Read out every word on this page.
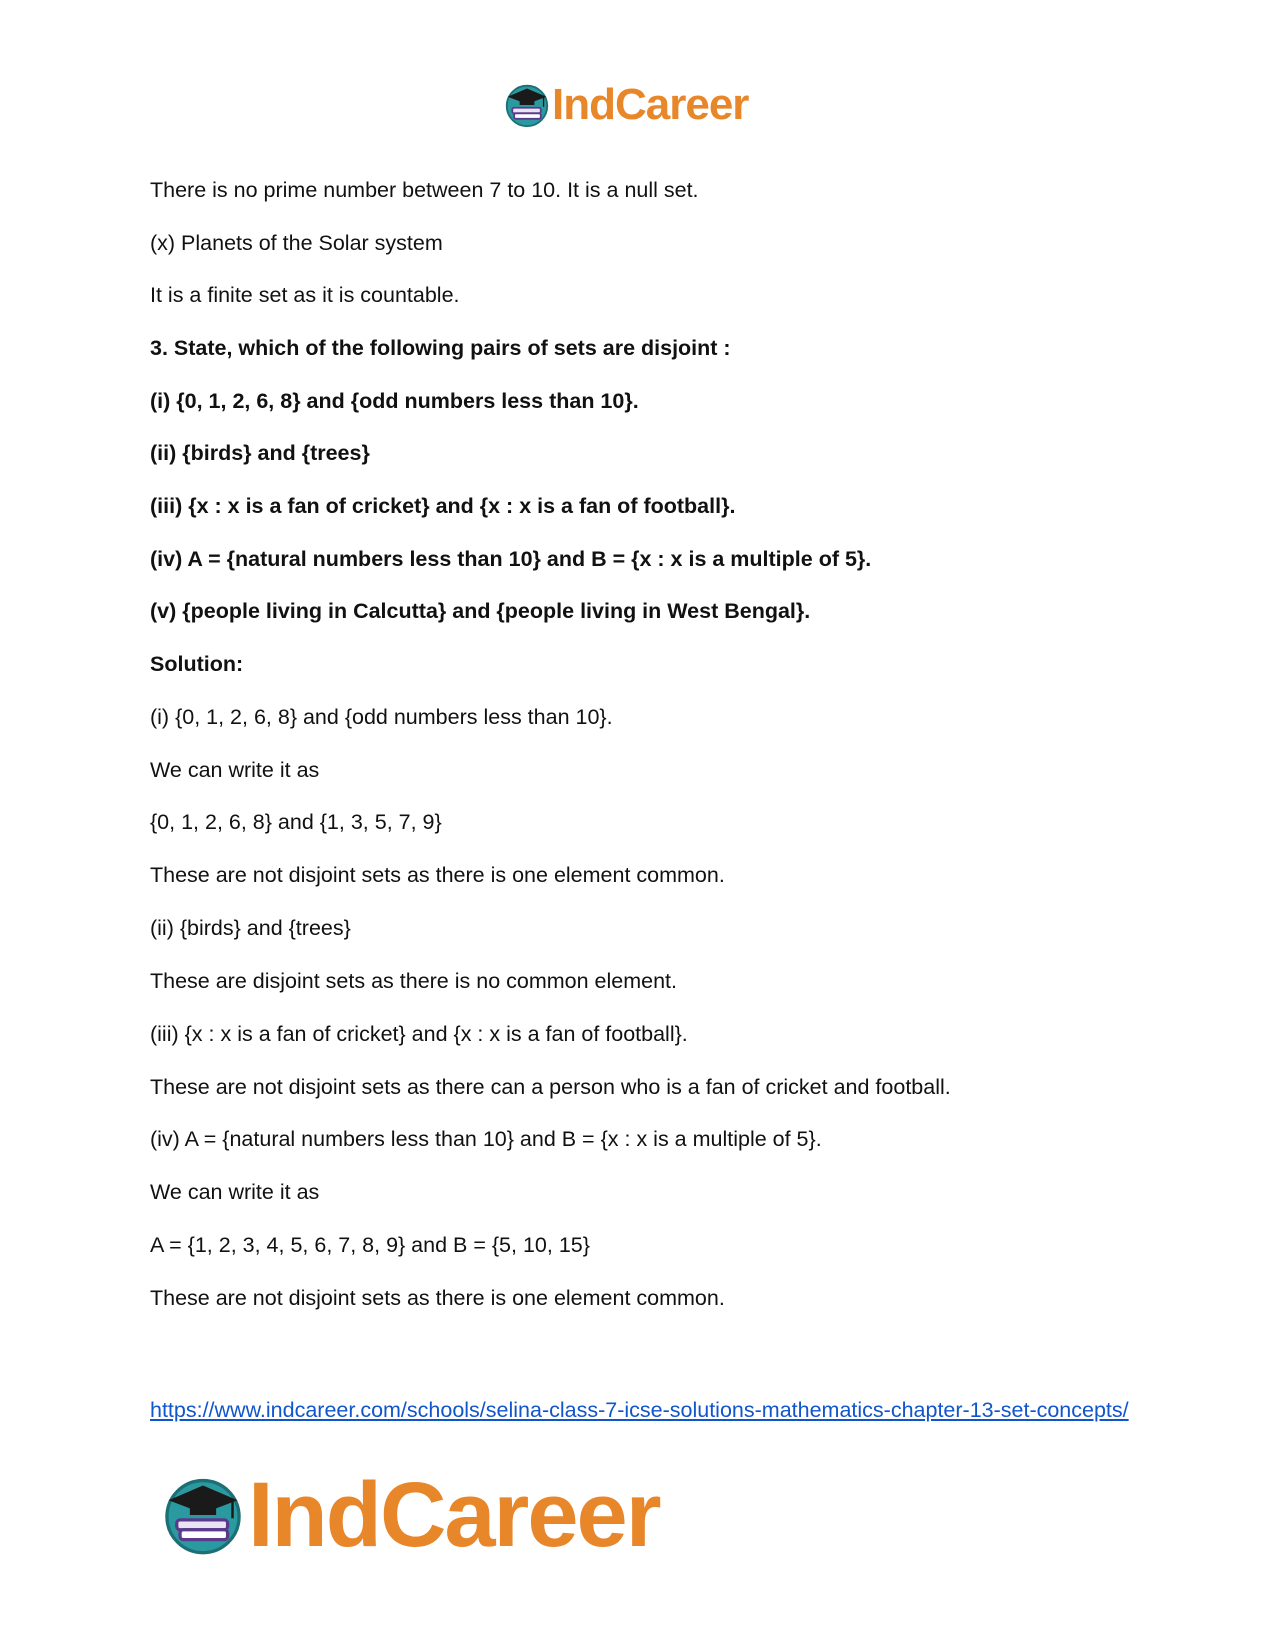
IndCareer
There is no prime number between 7 to 10. It is a null set.
(x) Planets of the Solar system
It is a finite set as it is countable.
3. State, which of the following pairs of sets are disjoint :
(i) {0, 1, 2, 6, 8} and {odd numbers less than 10}.
(ii) {birds} and {trees}
(iii) {x : x is a fan of cricket} and {x : x is a fan of football}.
(iv) A = {natural numbers less than 10} and B = {x : x is a multiple of 5}.
(v) {people living in Calcutta} and {people living in West Bengal}.
Solution:
(i) {0, 1, 2, 6, 8} and {odd numbers less than 10}.
We can write it as
{0, 1, 2, 6, 8} and {1, 3, 5, 7, 9}
These are not disjoint sets as there is one element common.
(ii) {birds} and {trees}
These are disjoint sets as there is no common element.
(iii) {x : x is a fan of cricket} and {x : x is a fan of football}.
These are not disjoint sets as there can a person who is a fan of cricket and football.
(iv) A = {natural numbers less than 10} and B = {x : x is a multiple of 5}.
We can write it as
A = {1, 2, 3, 4, 5, 6, 7, 8, 9} and B = {5, 10, 15}
These are not disjoint sets as there is one element common.
https://www.indcareer.com/schools/selina-class-7-icse-solutions-mathematics-chapter-13-set-concepts/
IndCareer
